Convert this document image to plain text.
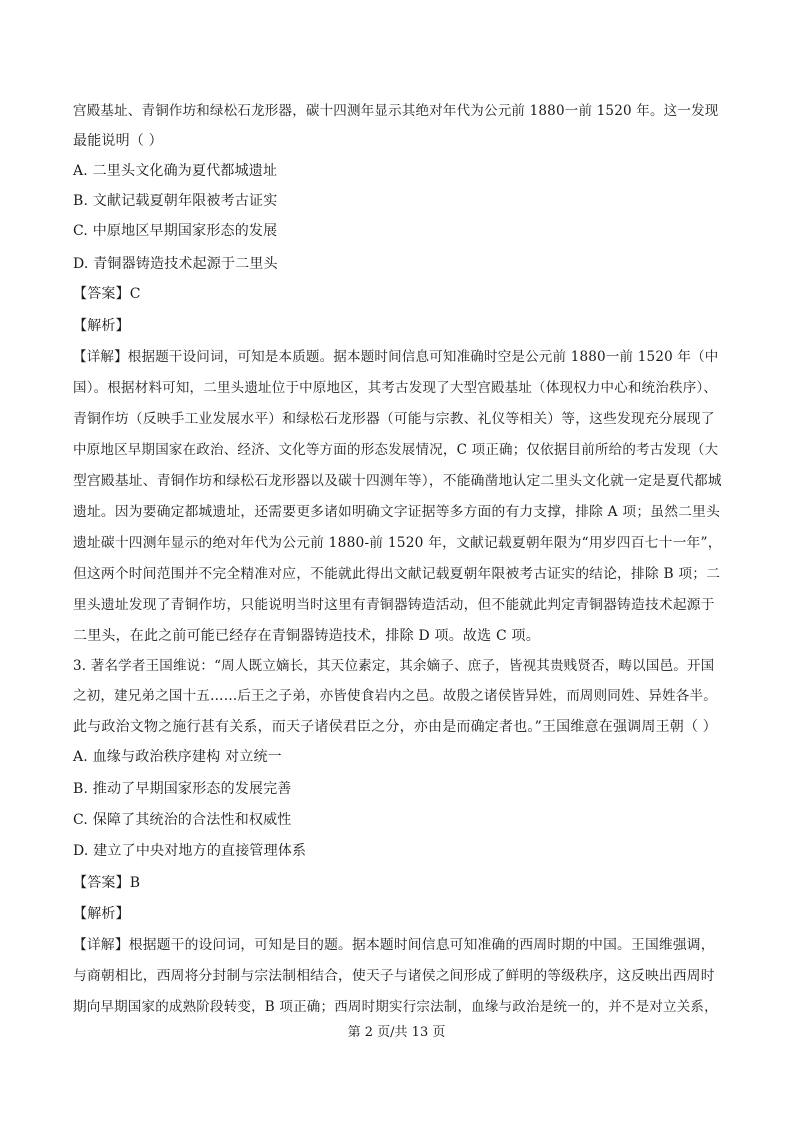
宫殿基址、青铜作坊和绿松石龙形器，碳十四测年显示其绝对年代为公元前 1880一前 1520 年。这一发现
最能说明（ ）
A. 二里头文化确为夏代都城遗址
B. 文献记载夏朝年限被考古证实
C. 中原地区早期国家形态的发展
D. 青铜器铸造技术起源于二里头
【答案】C
【解析】
【详解】根据题干设问词，可知是本质题。据本题时间信息可知准确时空是公元前 1880一前 1520 年（中
国）。根据材料可知，二里头遗址位于中原地区，其考古发现了大型宫殿基址（体现权力中心和统治秩序）、
青铜作坊（反映手工业发展水平）和绿松石龙形器（可能与宗教、礼仪等相关）等，这些发现充分展现了
中原地区早期国家在政治、经济、文化等方面的形态发展情况，C 项正确；仅依据目前所给的考古发现（大
型宫殿基址、青铜作坊和绿松石龙形器以及碳十四测年等），不能确凿地认定二里头文化就一定是夏代都城
遗址。因为要确定都城遗址，还需要更多诸如明确文字证据等多方面的有力支撑，排除 A 项；虽然二里头
遗址碳十四测年显示的绝对年代为公元前 1880-前 1520 年，文献记载夏朝年限为“用岁四百七十一年”，
但这两个时间范围并不完全精准对应，不能就此得出文献记载夏朝年限被考古证实的结论，排除 B 项；二
里头遗址发现了青铜作坊，只能说明当时这里有青铜器铸造活动，但不能就此判定青铜器铸造技术起源于
二里头，在此之前可能已经存在青铜器铸造技术，排除 D 项。故选 C 项。
3. 著名学者王国维说：“周人既立嫡长，其天位素定，其余嫡子、庶子，皆视其贵贱贤否，畴以国邑。开国
之初，建兄弟之国十五……后王之子弟，亦皆使食岩内之邑。故殷之诸侯皆异姓，而周则同姓、异姓各半。
此与政治文物之施行甚有关系，而天子诸侯君臣之分，亦由是而确定者也。”王国维意在强调周王朝（ ）
A. 血缘与政治秩序建构 对立统一
B. 推动了早期国家形态的发展完善
C. 保障了其统治的合法性和权威性
D. 建立了中央对地方的直接管理体系
【答案】B
【解析】
【详解】根据题干的设问词，可知是目的题。据本题时间信息可知准确的西周时期的中国。王国维强调，
与商朝相比，西周将分封制与宗法制相结合，使天子与诸侯之间形成了鲜明的等级秩序，这反映出西周时
期向早期国家的成熟阶段转变，B 项正确；西周时期实行宗法制，血缘与政治是统一的，并不是对立关系，
第 2 页/共 13 页
